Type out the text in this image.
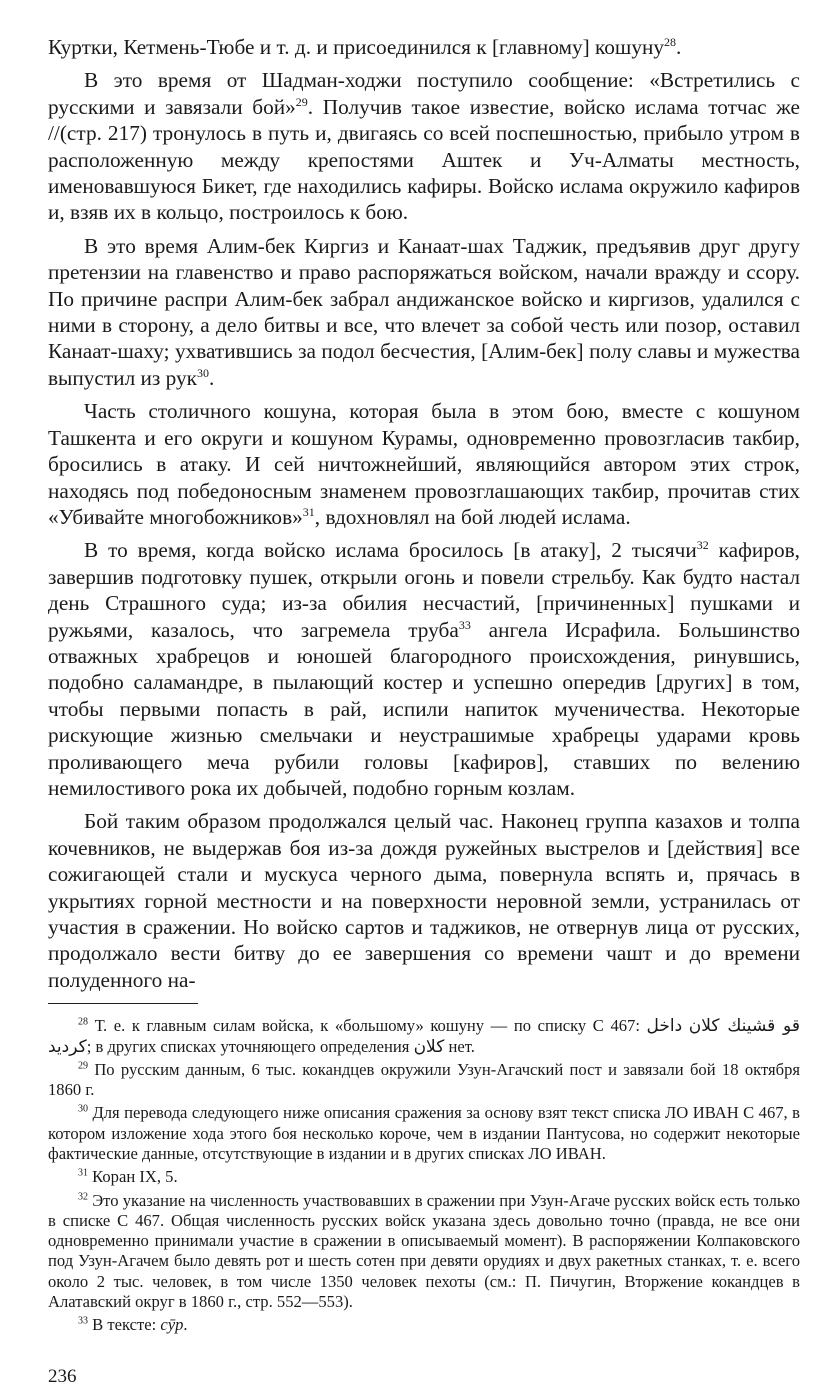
Куртки, Кетмень-Тюбе и т. д. и присоединился к [главному] кошуну$^{28}$.

В это время от Шадман-ходжи поступило сообщение: «Встретились с русскими и завязали бой»$^{29}$. Получив такое известие, войско ислама тотчас же //(стр. 217) тронулось в путь и, двигаясь со всей поспешностью, прибыло утром в расположенную между крепостями Аштек и Уч-Алматы местность, именовавшуюся Бикет, где находились кафиры. Войско ислама окружило кафиров и, взяв их в кольцо, построилось к бою.

В это время Алим-бек Киргиз и Канаат-шах Таджик, предъявив друг другу претензии на главенство и право распоряжаться войском, начали вражду и ссору. По причине распри Алим-бек забрал андижанское войско и киргизов, удалился с ними в сторону, а дело битвы и все, что влечет за собой честь или позор, оставил Канаат-шаху; ухватившись за подол бесчестия, [Алим-бек] полу славы и мужества выпустил из рук$^{30}$.

Часть столичного кошуна, которая была в этом бою, вместе с кошуном Ташкента и его округи и кошуном Курамы, одновременно провозгласив такбир, бросились в атаку. И сей ничтожнейший, являющийся автором этих строк, находясь под победоносным знаменем провозглашающих такбир, прочитав стих «Убивайте многобожников»$^{31}$, вдохновлял на бой людей ислама.

В то время, когда войско ислама бросилось [в атаку], 2 тысячи$^{32}$ кафиров, завершив подготовку пушек, открыли огонь и повели стрельбу. Как будто настал день Страшного суда; из-за обилия несчастий, [причиненных] пушками и ружьями, казалось, что загремела труба$^{33}$ ангела Исрафила. Большинство отважных храбрецов и юношей благородного происхождения, ринувшись, подобно саламандре, в пылающий костер и успешно опередив [других] в том, чтобы первыми попасть в рай, испили напиток мученичества. Некоторые рискующие жизнью смельчаки и неустрашимые храбрецы ударами кровь проливающего меча рубили головы [кафиров], ставших по велению немилостивого рока их добычей, подобно горным козлам.

Бой таким образом продолжался целый час. Наконец группа казахов и толпа кочевников, не выдержав боя из-за дождя ружейных выстрелов и [действия] все сожигающей стали и мускуса черного дыма, повернула вспять и, прячась в укрытиях горной местности и на поверхности неровной земли, устранилась от участия в сражении. Но войско сартов и таджиков, не отвернув лица от русских, продолжало вести битву до ее завершения со времени чашт и до времени полуденного на-

$^{28}$ Т. е. к главным силам войска, к «большому» кошуну — по списку С 467: داخل قو قشينك كلان كرديد; в других списках уточняющего определения كلان нет.

$^{29}$ По русским данным, 6 тыс. кокандцев окружили Узун-Агачский пост и завязали бой 18 октября 1860 г.

$^{30}$ Для перевода следующего ниже описания сражения за основу взят текст списка ЛО ИВАН С 467, в котором изложение хода этого боя несколько короче, чем в издании Пантусова, но содержит некоторые фактические данные, отсутствующие в издании и в других списках ЛО ИВАН.

$^{31}$ Коран IX, 5.

$^{32}$ Это указание на численность участвовавших в сражении при Узун-Агаче русских войск есть только в списке С 467. Общая численность русских войск указана здесь довольно точно (правда, не все они одновременно принимали участие в сражении в описываемый момент). В распоряжении Колпаковского под Узун-Агачем было девять рот и шесть сотен при девяти орудиях и двух ракетных станках, т. е. всего около 2 тыс. человек, в том числе 1350 человек пехоты (см.: П. Пичугин, Вторжение кокандцев в Алатавский округ в 1860 г., стр. 552—553).

$^{33}$ В тексте: сӯр.

236
